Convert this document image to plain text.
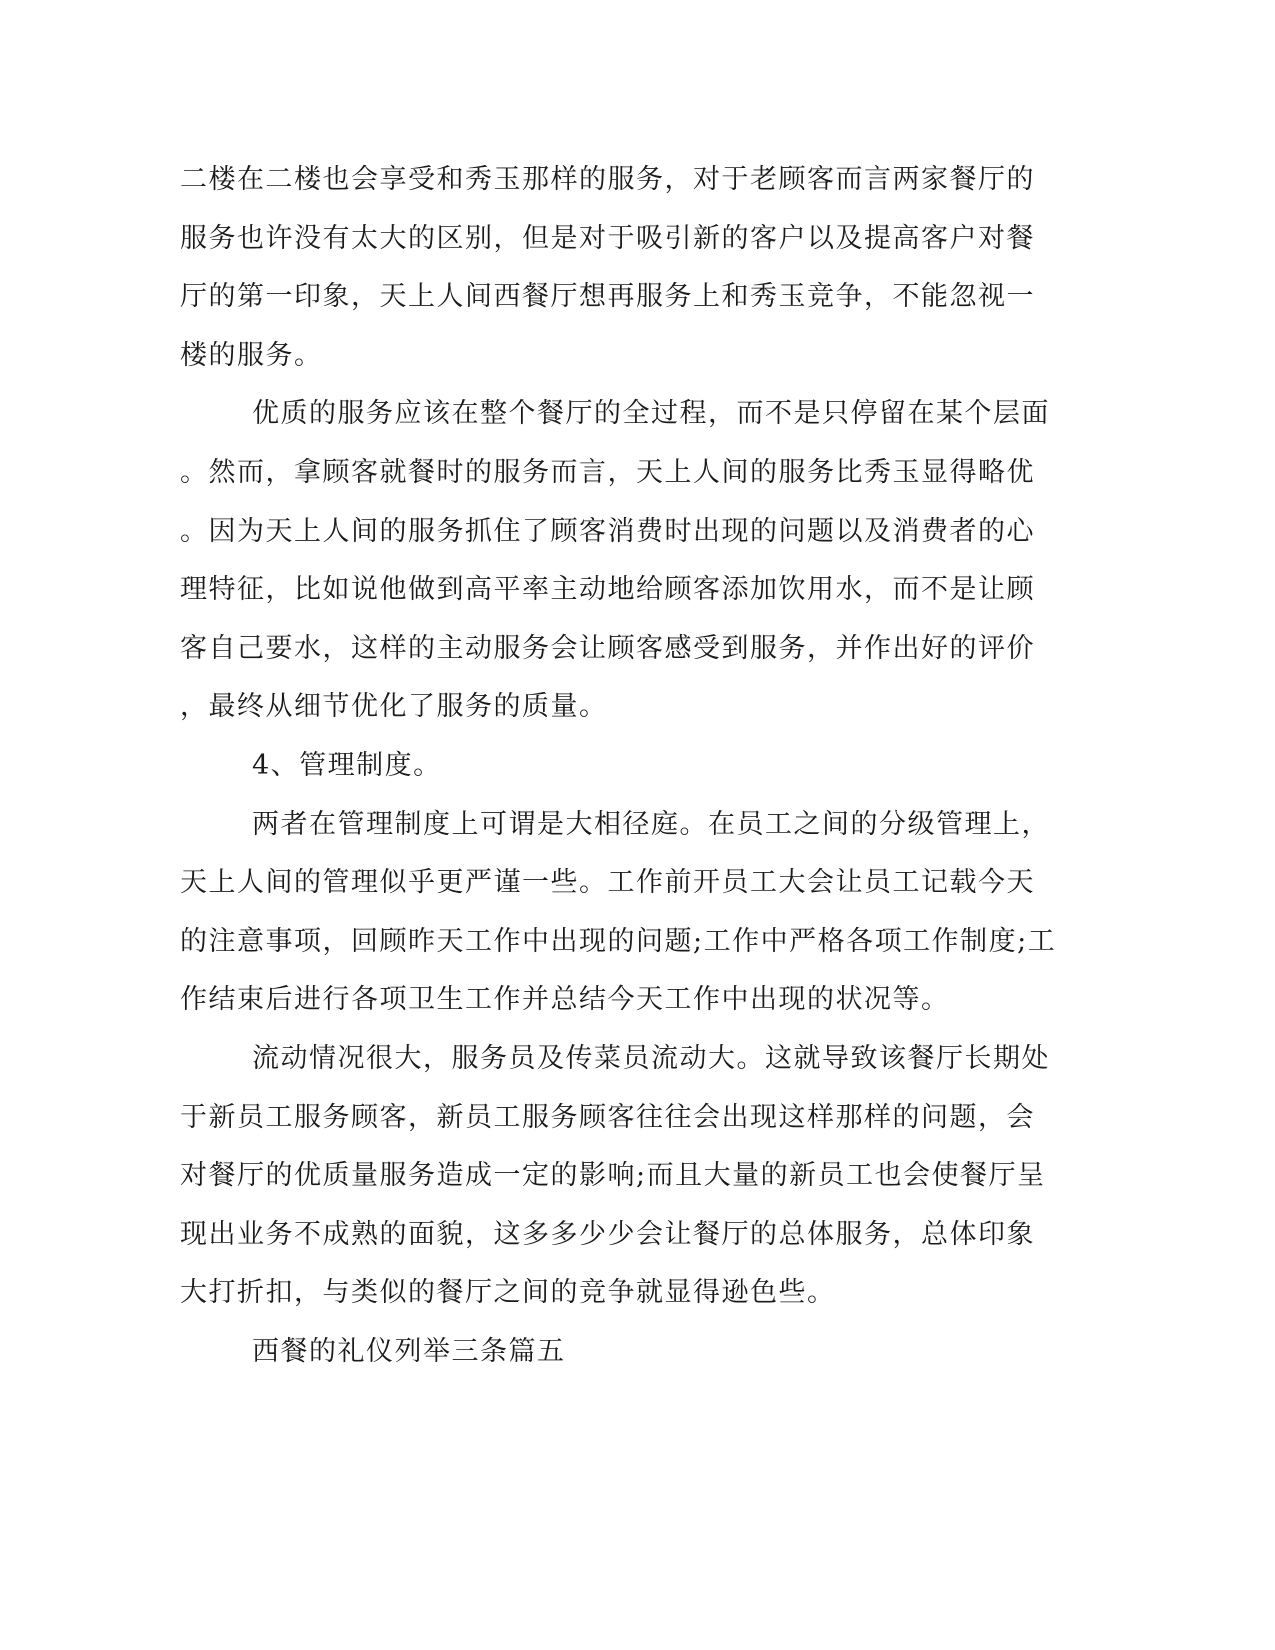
二楼在二楼也会享受和秀玉那样的服务，对于老顾客而言两家餐厅的
服务也许没有太大的区别，但是对于吸引新的客户以及提高客户对餐
厅的第一印象，天上人间西餐厅想再服务上和秀玉竞争，不能忽视一
楼的服务。
优质的服务应该在整个餐厅的全过程，而不是只停留在某个层面
。然而，拿顾客就餐时的服务而言，天上人间的服务比秀玉显得略优
。因为天上人间的服务抓住了顾客消费时出现的问题以及消费者的心
理特征，比如说他做到高平率主动地给顾客添加饮用水，而不是让顾
客自己要水，这样的主动服务会让顾客感受到服务，并作出好的评价
，最终从细节优化了服务的质量。
4、管理制度。
两者在管理制度上可谓是大相径庭。在员工之间的分级管理上，
天上人间的管理似乎更严谨一些。工作前开员工大会让员工记载今天
的注意事项，回顾昨天工作中出现的问题;工作中严格各项工作制度;工
作结束后进行各项卫生工作并总结今天工作中出现的状况等。
流动情况很大，服务员及传菜员流动大。这就导致该餐厅长期处
于新员工服务顾客，新员工服务顾客往往会出现这样那样的问题，会
对餐厅的优质量服务造成一定的影响;而且大量的新员工也会使餐厅呈
现出业务不成熟的面貌，这多多少少会让餐厅的总体服务，总体印象
大打折扣，与类似的餐厅之间的竞争就显得逊色些。
西餐的礼仪列举三条篇五
